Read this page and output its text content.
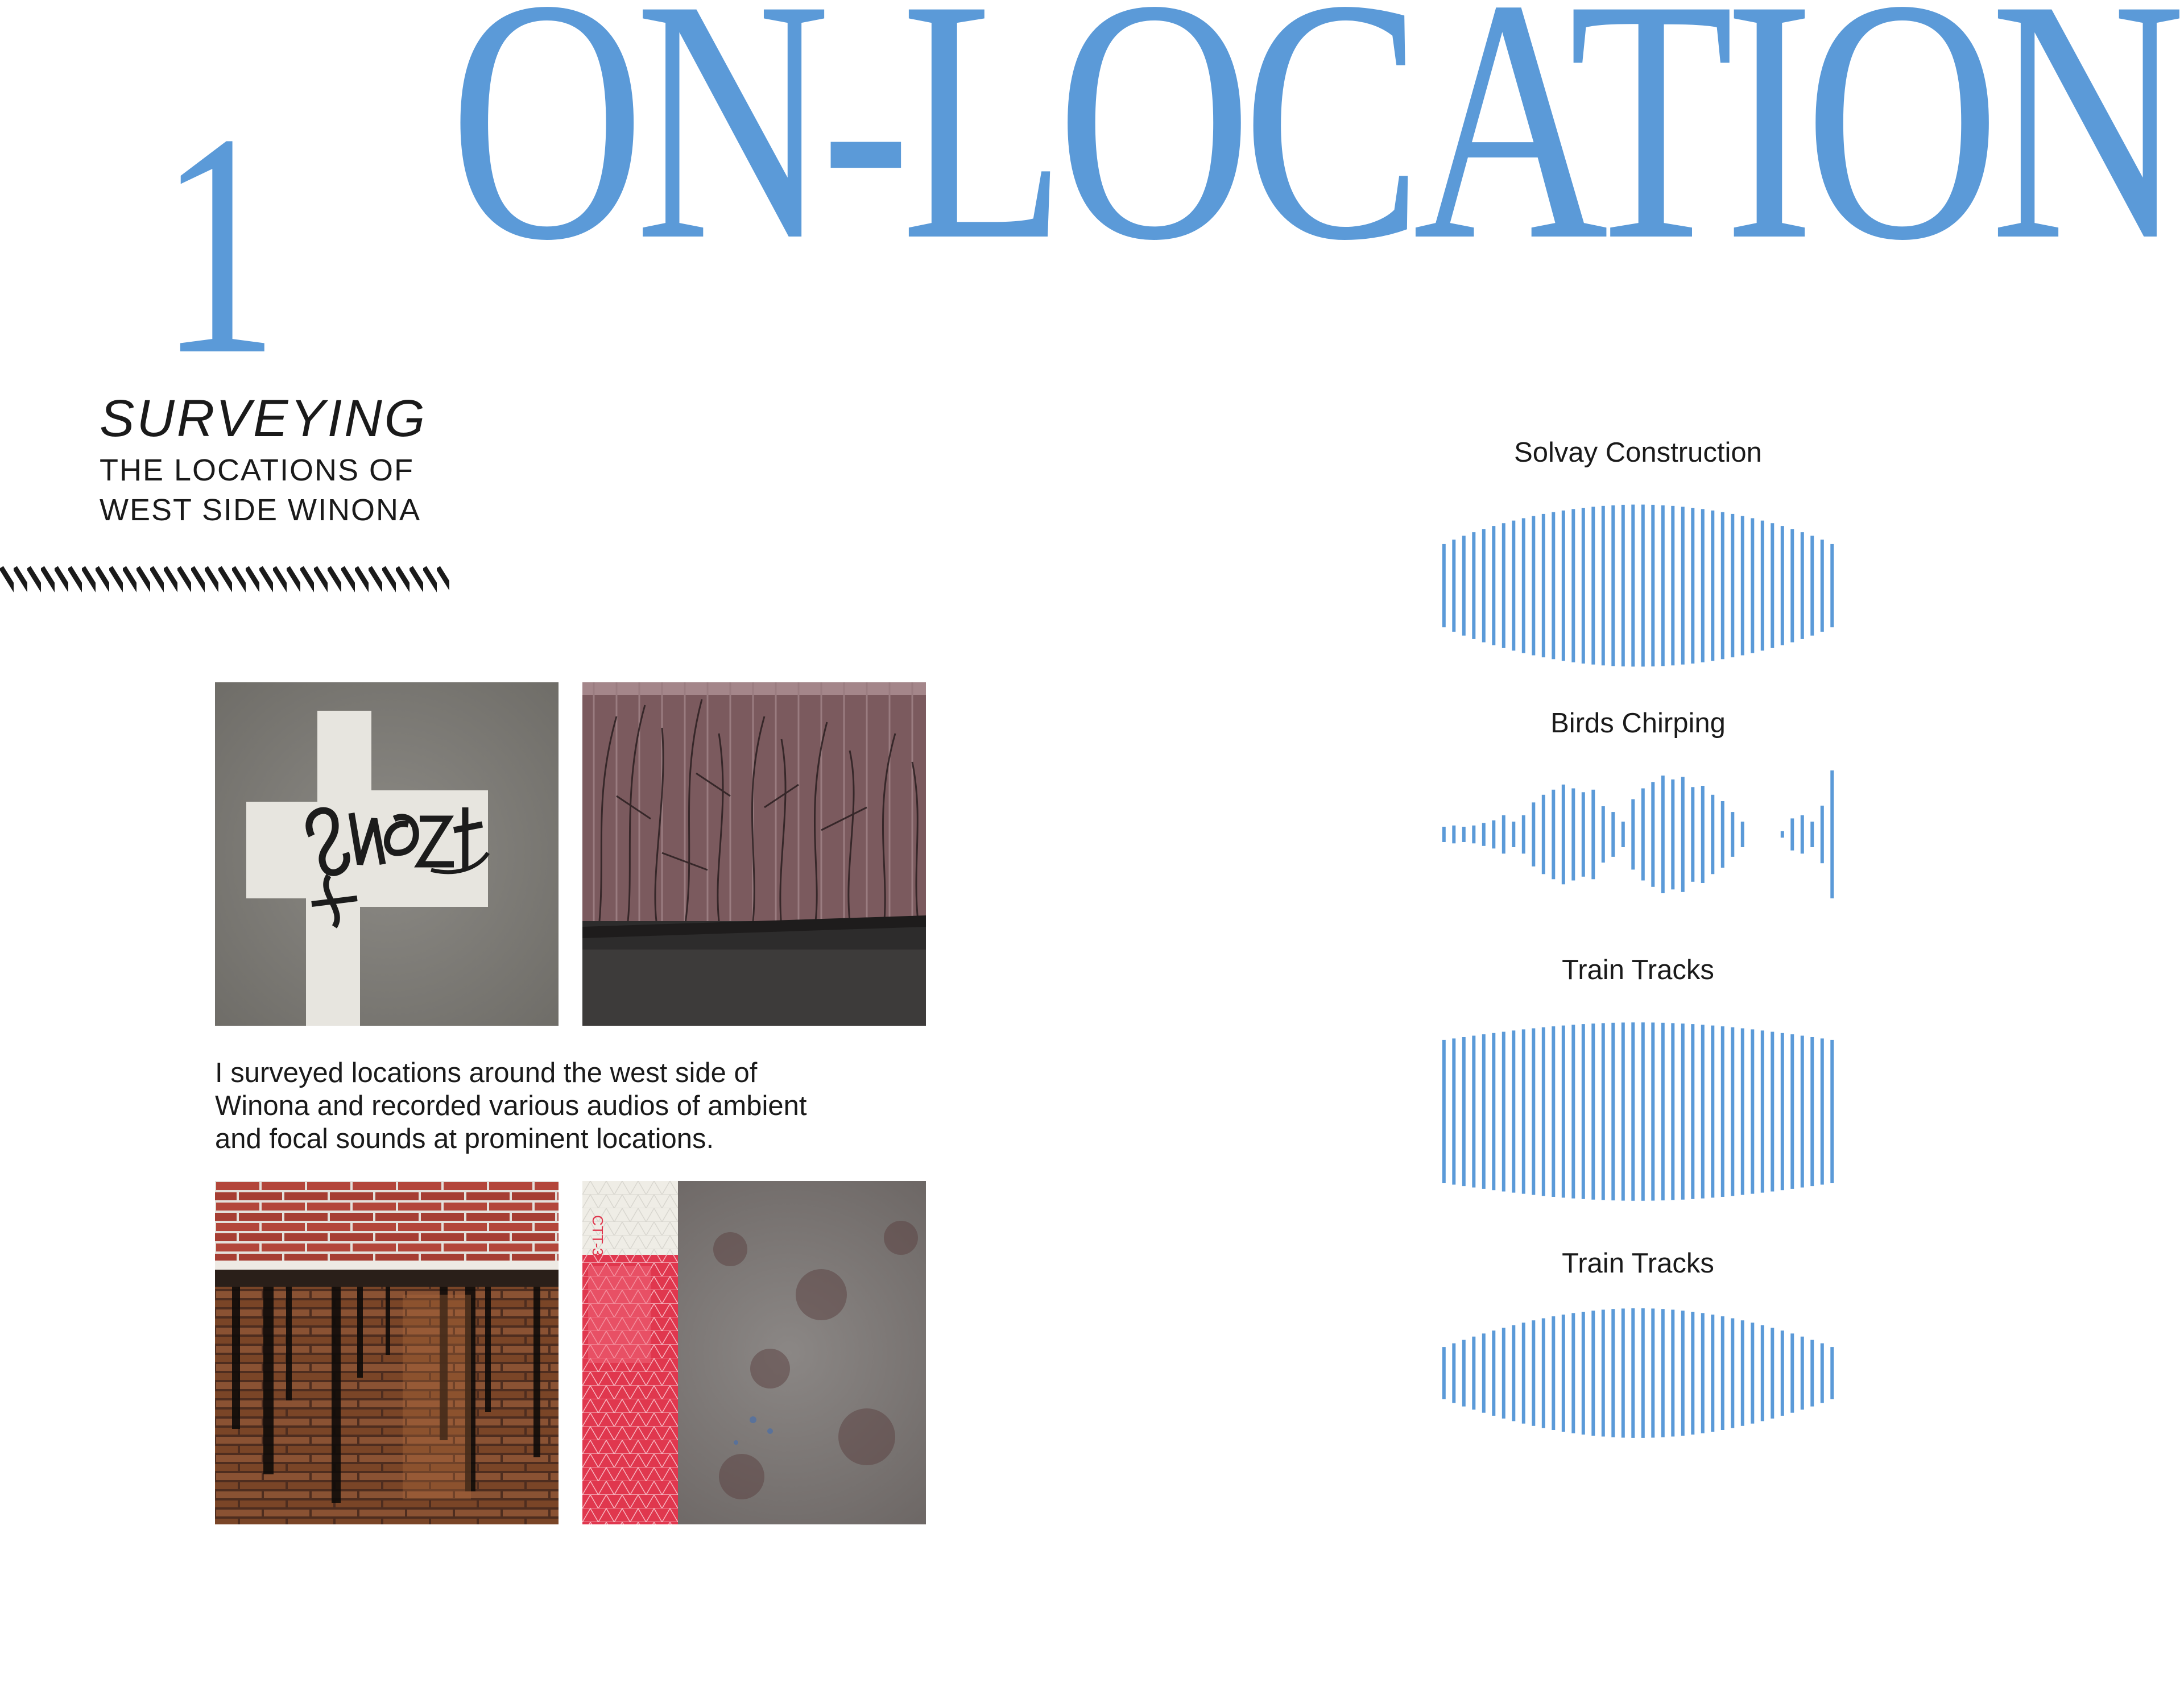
ON-LOCATION
1
SURVEYING
THE LOCATIONS OF
WEST SIDE WINONA

I surveyed locations around the west side of

Winona and recorded various audios of ambient

and focal sounds at prominent locations.

CTT-3
Solvay Construction
Birds Chirping
Train Tracks
Train Tracks
